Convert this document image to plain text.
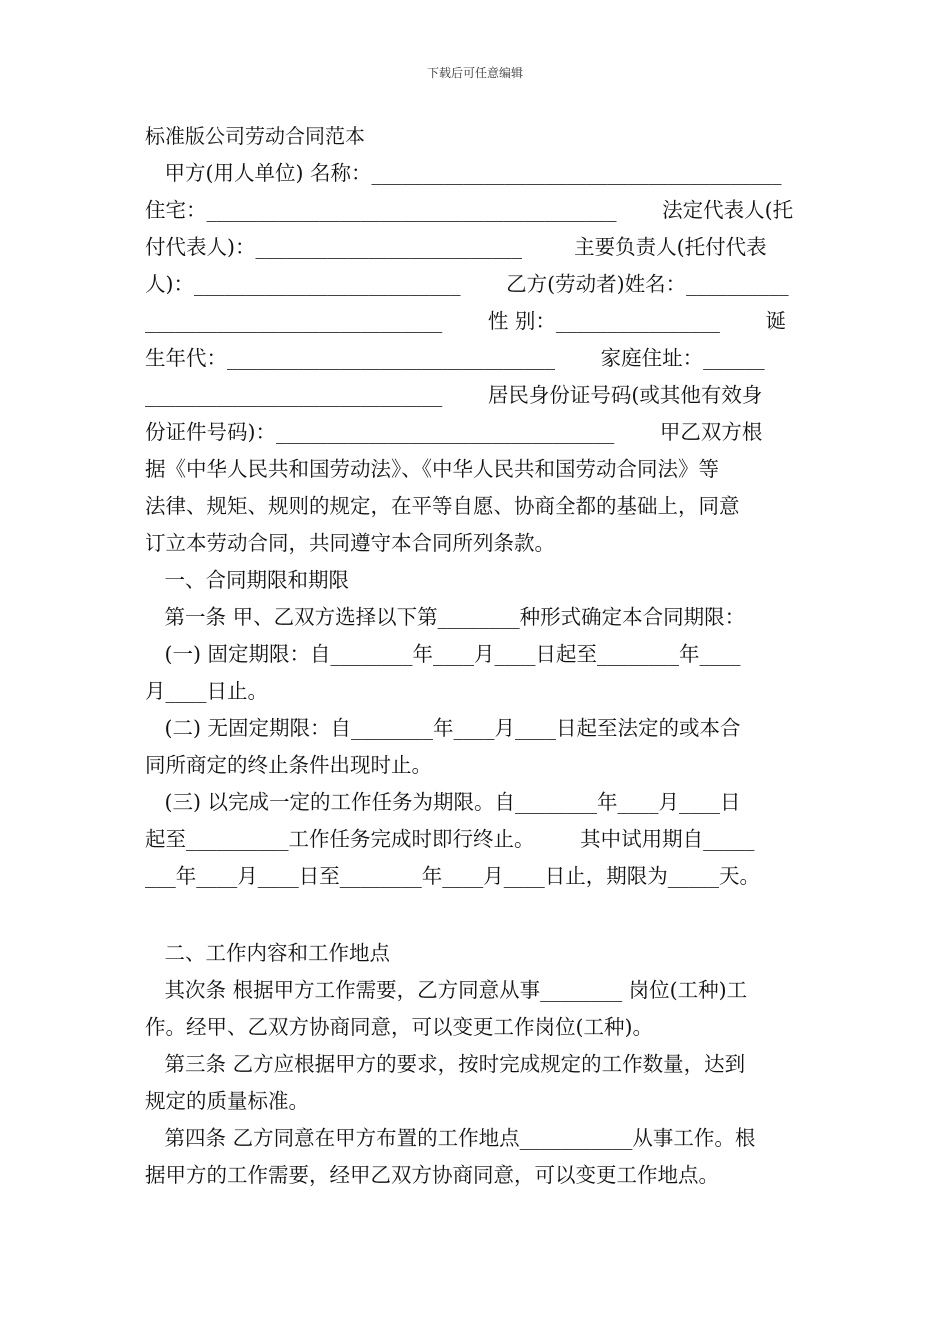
下载后可任意编辑
标准版公司劳动合同范本
甲方(用人单位) 名称：________________________________________
住宅：________________________________________       法定代表人(托
付代表人)：__________________________        主要负责人(托付代表
人)：__________________________       乙方(劳动者)姓名：__________
_____________________________       性 别：________________       诞
生年代：________________________________       家庭住址：______
_____________________________       居民身份证号码(或其他有效身
份证件号码)：_________________________________       甲乙双方根
据《中华人民共和国劳动法》、《中华人民共和国劳动合同法》等
法律、规矩、规则的规定，在平等自愿、协商全都的基础上，同意
订立本劳动合同，共同遵守本合同所列条款。
一、合同期限和期限
第一条 甲、乙双方选择以下第________种形式确定本合同期限：
(一) 固定期限：自________年____月____日起至________年____
月____日止。
(二) 无固定期限：自________年____月____日起至法定的或本合
同所商定的终止条件出现时止。
(三) 以完成一定的工作任务为期限。自________年____月____日
起至__________工作任务完成时即行终止。       其中试用期自_____
___年____月____日至________年____月____日止，期限为_____天。
二、工作内容和工作地点
其次条 根据甲方工作需要，乙方同意从事________ 岗位(工种)工
作。经甲、乙双方协商同意，可以变更工作岗位(工种)。
第三条 乙方应根据甲方的要求，按时完成规定的工作数量，达到
规定的质量标准。
第四条 乙方同意在甲方布置的工作地点___________从事工作。根
据甲方的工作需要，经甲乙双方协商同意，可以变更工作地点。
